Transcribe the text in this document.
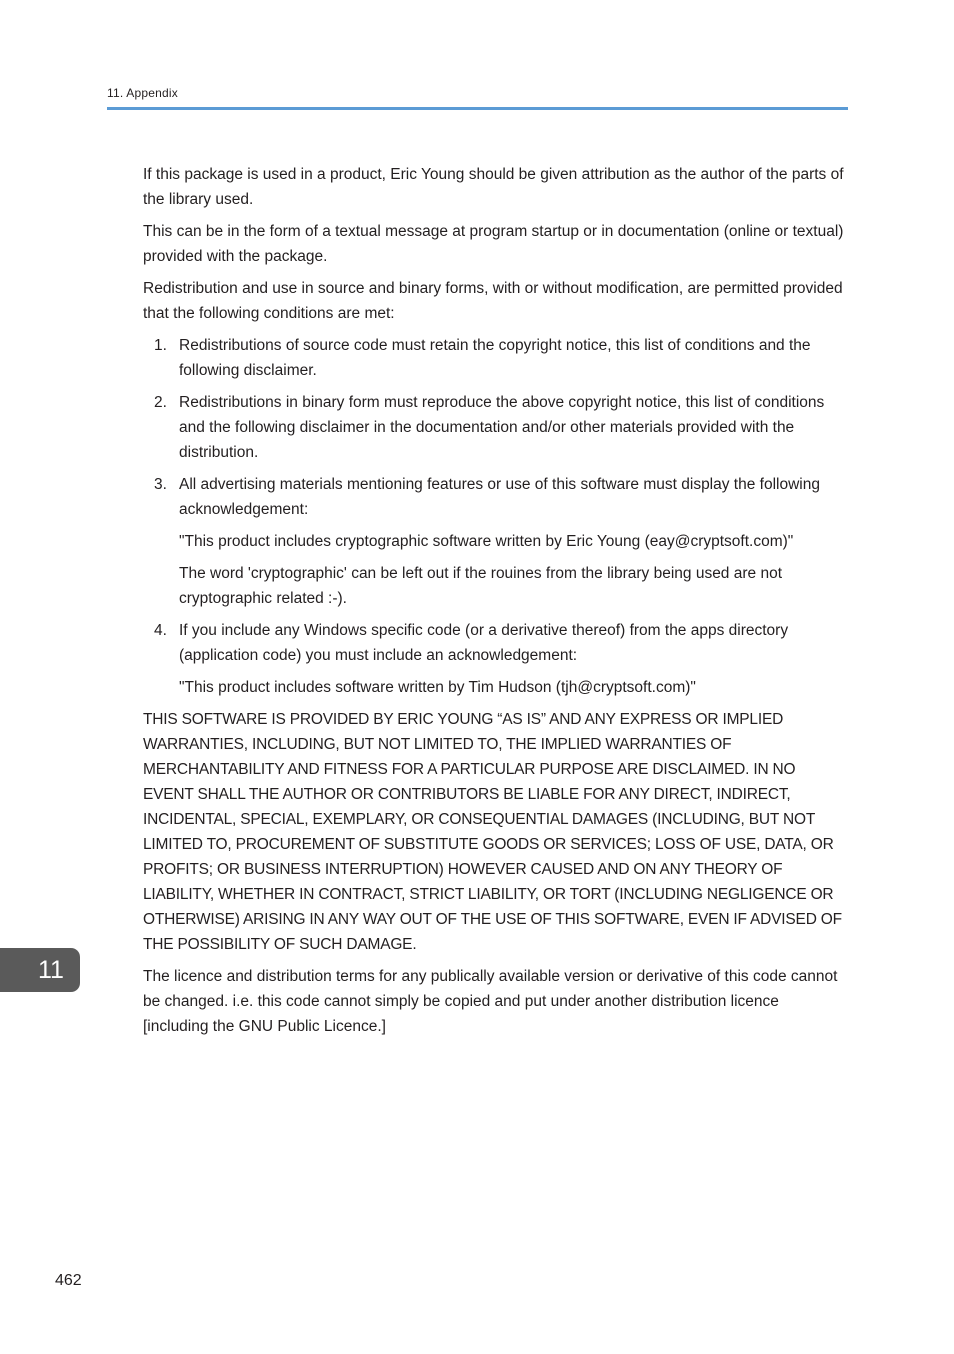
11. Appendix

If this package is used in a product, Eric Young should be given attribution as the author of the parts of the library used.

This can be in the form of a textual message at program startup or in documentation (online or textual) provided with the package.

Redistribution and use in source and binary forms, with or without modification, are permitted provided that the following conditions are met:

1. Redistributions of source code must retain the copyright notice, this list of conditions and the following disclaimer.
2. Redistributions in binary form must reproduce the above copyright notice, this list of conditions and the following disclaimer in the documentation and/or other materials provided with the distribution.
3. All advertising materials mentioning features or use of this software must display the following acknowledgement:

"This product includes cryptographic software written by Eric Young (eay@cryptsoft.com)"

The word 'cryptographic' can be left out if the rouines from the library being used are not cryptographic related :-).

4. If you include any Windows specific code (or a derivative thereof) from the apps directory (application code) you must include an acknowledgement:

"This product includes software written by Tim Hudson (tjh@cryptsoft.com)"

THIS SOFTWARE IS PROVIDED BY ERIC YOUNG “AS IS” AND ANY EXPRESS OR IMPLIED WARRANTIES, INCLUDING, BUT NOT LIMITED TO, THE IMPLIED WARRANTIES OF MERCHANTABILITY AND FITNESS FOR A PARTICULAR PURPOSE ARE DISCLAIMED. IN NO EVENT SHALL THE AUTHOR OR CONTRIBUTORS BE LIABLE FOR ANY DIRECT, INDIRECT, INCIDENTAL, SPECIAL, EXEMPLARY, OR CONSEQUENTIAL DAMAGES (INCLUDING, BUT NOT LIMITED TO, PROCUREMENT OF SUBSTITUTE GOODS OR SERVICES; LOSS OF USE, DATA, OR PROFITS; OR BUSINESS INTERRUPTION) HOWEVER CAUSED AND ON ANY THEORY OF LIABILITY, WHETHER IN CONTRACT, STRICT LIABILITY, OR TORT (INCLUDING NEGLIGENCE OR OTHERWISE) ARISING IN ANY WAY OUT OF THE USE OF THIS SOFTWARE, EVEN IF ADVISED OF THE POSSIBILITY OF SUCH DAMAGE.

The licence and distribution terms for any publically available version or derivative of this code cannot be changed. i.e. this code cannot simply be copied and put under another distribution licence [including the GNU Public Licence.]

11
462
